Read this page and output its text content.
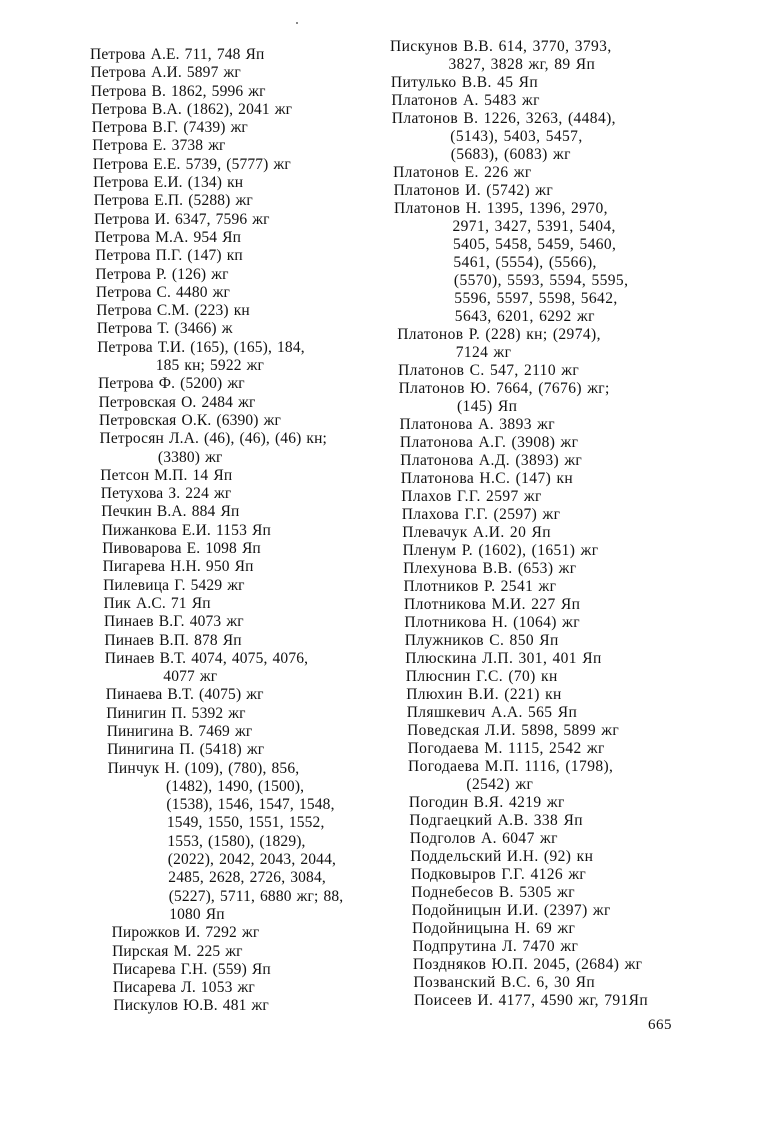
Петрова А.Е. 711, 748 Яп
Петрова А.И. 5897 жг
Петрова В. 1862, 5996 жг
Петрова В.А. (1862), 2041 жг
Петрова В.Г. (7439) жг
Петрова Е. 3738 жг
Петрова Е.Е. 5739, (5777) жг
Петрова Е.И. (134) кн
Петрова Е.П. (5288) жг
Петрова И. 6347, 7596 жг
Петрова М.А. 954 Яп
Петрова П.Г. (147) кп
Петрова Р. (126) жг
Петрова С. 4480 жг
Петрова С.М. (223) кн
Петрова Т. (3466) ж
Петрова Т.И. (165), (165), 184,
185 кн; 5922 жг
Петрова Ф. (5200) жг
Петровская О. 2484 жг
Петровская О.К. (6390) жг
Петросян Л.А. (46), (46), (46) кн;
(3380) жг
Петсон М.П. 14 Яп
Петухова З. 224 жг
Печкин В.А. 884 Яп
Пижанкова Е.И. 1153 Яп
Пивоварова Е. 1098 Яп
Пигарева Н.Н. 950 Яп
Пилевица Г. 5429 жг
Пик А.С. 71 Яп
Пинаев В.Г. 4073 жг
Пинаев В.П. 878 Яп
Пинаев В.Т. 4074, 4075, 4076,
4077 жг
Пинаева В.Т. (4075) жг
Пинигин П. 5392 жг
Пинигина В. 7469 жг
Пинигина П. (5418) жг
Пинчук Н. (109), (780), 856,
(1482), 1490, (1500),
(1538), 1546, 1547, 1548,
1549, 1550, 1551, 1552,
1553, (1580), (1829),
(2022), 2042, 2043, 2044,
2485, 2628, 2726, 3084,
(5227), 5711, 6880 жг; 88,
1080 Яп
Пирожков И. 7292 жг
Пирская М. 225 жг
Писарева Г.Н. (559) Яп
Писарева Л. 1053 жг
Пискулов Ю.В. 481 жг
Пискунов В.В. 614, 3770, 3793,
3827, 3828 жг, 89 Яп
Питулько В.В. 45 Яп
Платонов А. 5483 жг
Платонов В. 1226, 3263, (4484),
(5143), 5403, 5457,
(5683), (6083) жг
Платонов Е. 226 жг
Платонов И. (5742) жг
Платонов Н. 1395, 1396, 2970,
2971, 3427, 5391, 5404,
5405, 5458, 5459, 5460,
5461, (5554), (5566),
(5570), 5593, 5594, 5595,
5596, 5597, 5598, 5642,
5643, 6201, 6292 жг
Платонов Р. (228) кн; (2974),
7124 жг
Платонов С. 547, 2110 жг
Платонов Ю. 7664, (7676) жг;
(145) Яп
Платонова А. 3893 жг
Платонова А.Г. (3908) жг
Платонова А.Д. (3893) жг
Платонова Н.С. (147) кн
Плахов Г.Г. 2597 жг
Плахова Г.Г. (2597) жг
Плевачук А.И. 20 Яп
Пленум Р. (1602), (1651) жг
Плехунова В.В. (653) жг
Плотников Р. 2541 жг
Плотникова М.И. 227 Яп
Плотникова Н. (1064) жг
Плужников С. 850 Яп
Плюскина Л.П. 301, 401 Яп
Плюснин Г.С. (70) кн
Плюхин В.И. (221) кн
Пляшкевич А.А. 565 Яп
Поведская Л.И. 5898, 5899 жг
Погодаева М. 1115, 2542 жг
Погодаева М.П. 1116, (1798),
(2542) жг
Погодин В.Я. 4219 жг
Подгаецкий А.В. 338 Яп
Подголов А. 6047 жг
Поддельский И.Н. (92) кн
Подковыров Г.Г. 4126 жг
Поднебесов В. 5305 жг
Подойницын И.И. (2397) жг
Подойницына Н. 69 жг
Подпрутина Л. 7470 жг
Поздняков Ю.П. 2045, (2684) жг
Позванский В.С. 6, 30 Яп
Поисеев И. 4177, 4590 жг, 791Яп
665
